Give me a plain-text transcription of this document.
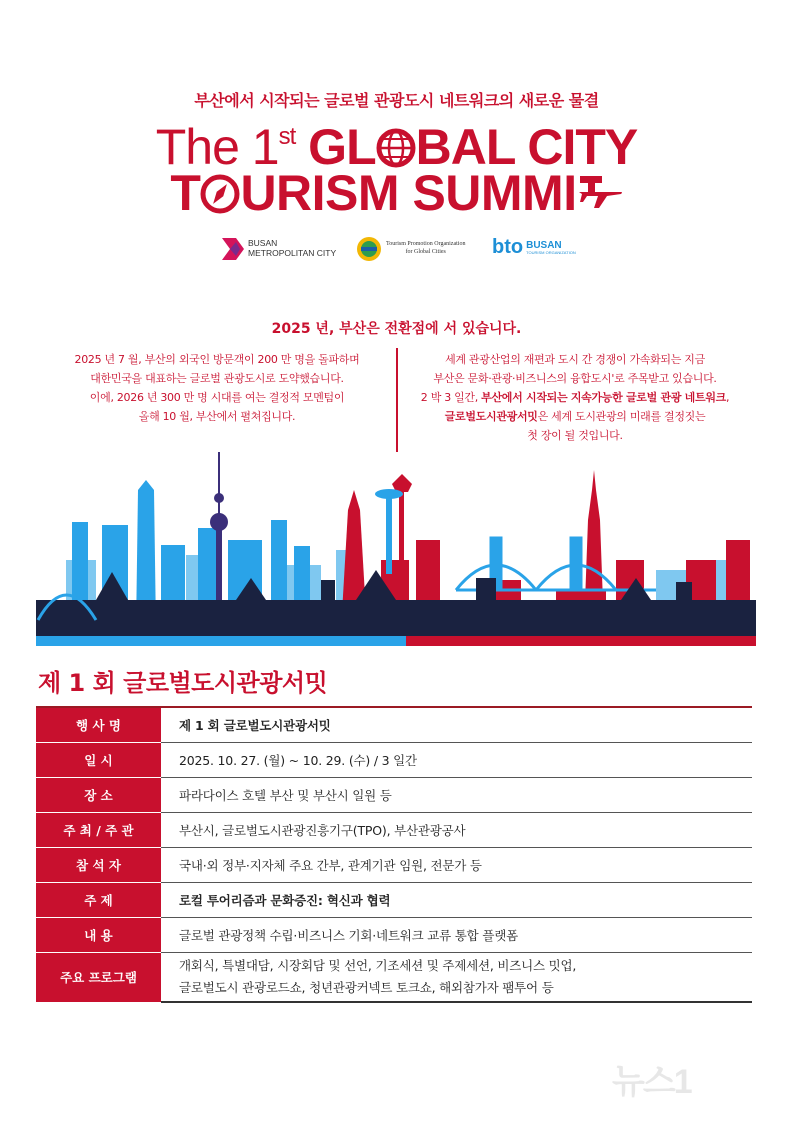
부산에서 시작되는 글로벌 관광도시 네트워크의 새로운 물결
The 1st GL BAL CITY
T URISM SUMMI
BUSAN
METROPOLITAN CITY
Tourism Promotion Organization
for Global Cities	bto BUSAN
TOURISM ORGANIZATION
2025 년, 부산은 전환점에 서 있습니다.
2025 년 7 월, 부산의 외국인 방문객이 200 만 명을 돌파하며
대한민국을 대표하는 글로벌 관광도시로 도약했습니다.
이에, 2026 년 300 만 명 시대를 여는 결정적 모멘텀이
올해 10 월, 부산에서 펼쳐집니다.
세계 관광산업의 재편과 도시 간 경쟁이 가속화되는 지금
부산은 문화·관광·비즈니스의 융합도시'로 주목받고 있습니다.
2 박 3 일간, 부산에서 시작되는 지속가능한 글로벌 관광 네트워크,
글로벌도시관광서밋은 세계 도시관광의 미래를 결정짓는
첫 장이 될 것입니다.
제 1 회 글로벌도시관광서밋
행 사 명	제 1 회 글로벌도시관광서밋
일 시	2025. 10. 27. (월) ~ 10. 29. (수) / 3 일간
장 소	파라다이스 호텔 부산 및 부산시 일원 등
주 최 / 주 관	부산시, 글로벌도시관광진흥기구(TPO), 부산관광공사
참 석 자	국내·외 정부·지자체 주요 간부, 관계기관 임원, 전문가 등
주 제	로컬 투어리즘과 문화증진: 혁신과 협력
내 용	글로벌 관광정책 수립·비즈니스 기회·네트워크 교류 통합 플랫폼
주요 프로그램	개회식, 특별대담, 시장회담 및 선언, 기조세션 및 주제세션, 비즈니스 밋업,
글로벌도시 관광로드쇼, 청년관광커넥트 토크쇼, 해외참가자 팸투어 등
뉴스1
